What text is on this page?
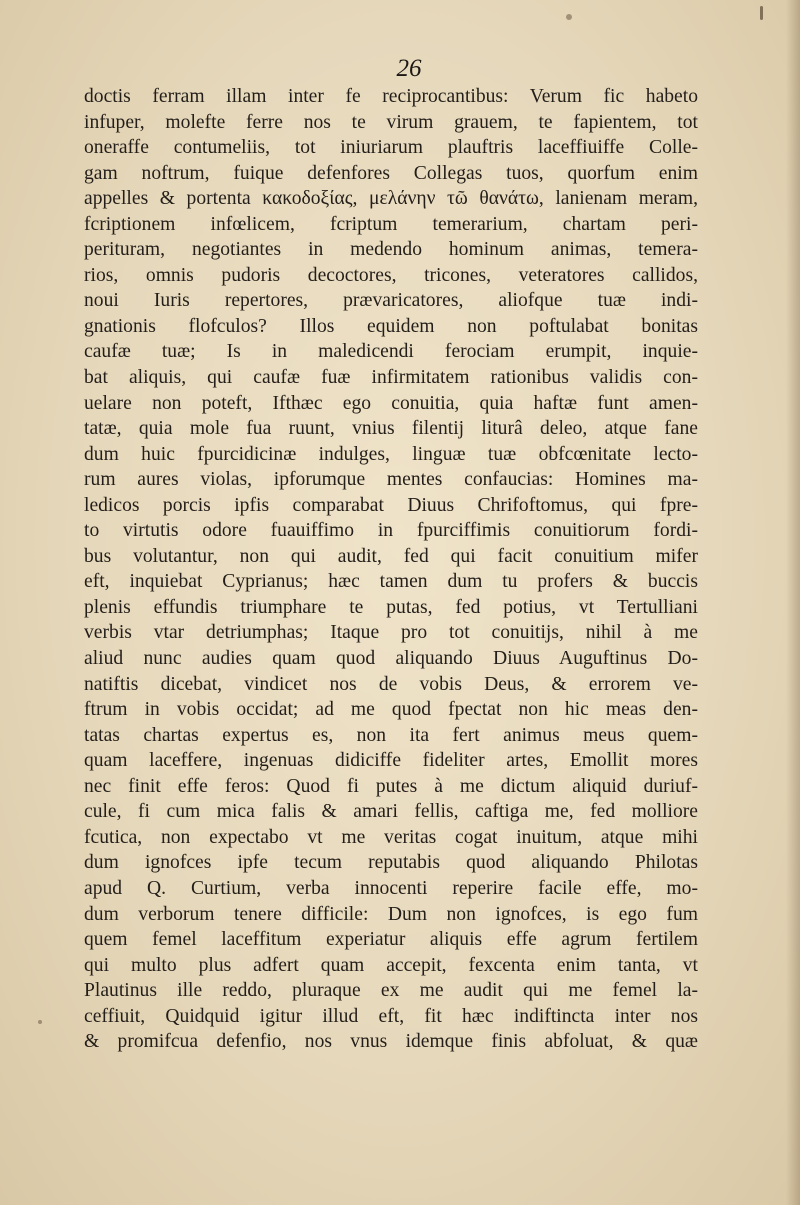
26
doctis ferram illam inter fe reciprocantibus: Verum fic habeto
infuper, molefte ferre nos te virum grauem, te fapientem, tot
oneraffe contumeliis, tot iniuriarum plauftris laceffiuiffe Colle-
gam noftrum, fuique defenfores Collegas tuos, quorfum enim
appelles & portenta κακοδοξίας, μελάνην τῶ θανάτω, lanienam meram,
fcriptionem infœlicem, fcriptum temerarium, chartam peri-
perituram, negotiantes in medendo hominum animas, temera-
rios, omnis pudoris decoctores, tricones, veteratores callidos,
noui Iuris repertores, prævaricatores, aliofque tuæ indi-
gnationis flofculos? Illos equidem non poftulabat bonitas
caufæ tuæ; Is in maledicendi ferociam erumpit, inquie-
bat aliquis, qui caufæ fuæ infirmitatem rationibus validis con-
uelare non poteft, Ifthæc ego conuitia, quia haftæ funt amen-
tatæ, quia mole fua ruunt, vnius filentij liturâ deleo, atque fane
dum huic fpurcidicinæ indulges, linguæ tuæ obfcœnitate lecto-
rum aures violas, ipforumque mentes confaucias: Homines ma-
ledicos porcis ipfis comparabat Diuus Chrifoftomus, qui fpre-
to virtutis odore fuauiffimo in fpurciffimis conuitiorum fordi-
bus volutantur, non qui audit, fed qui facit conuitium mifer
eft, inquiebat Cyprianus; hæc tamen dum tu profers & buccis
plenis effundis triumphare te putas, fed potius, vt Tertulliani
verbis vtar detriumphas; Itaque pro tot conuitijs, nihil à me
aliud nunc audies quam quod aliquando Diuus Auguftinus Do-
natiftis dicebat, vindicet nos de vobis Deus, & errorem ve-
ftrum in vobis occidat; ad me quod fpectat non hic meas den-
tatas chartas expertus es, non ita fert animus meus quem-
quam laceffere, ingenuas didiciffe fideliter artes, Emollit mores
nec finit effe feros: Quod fi putes à me dictum aliquid duriuf-
cule, fi cum mica falis & amari fellis, caftiga me, fed molliore
fcutica, non expectabo vt me veritas cogat inuitum, atque mihi
dum ignofces ipfe tecum reputabis quod aliquando Philotas
apud Q. Curtium, verba innocenti reperire facile effe, mo-
dum verborum tenere difficile: Dum non ignofces, is ego fum
quem femel laceffitum experiatur aliquis effe agrum fertilem
qui multo plus adfert quam accepit, fexcenta enim tanta, vt
Plautinus ille reddo, pluraque ex me audit qui me femel la-
ceffiuit, Quidquid igitur illud eft, fit hæc indiftincta inter nos
& promifcua defenfio, nos vnus idemque finis abfoluat, & quæ
